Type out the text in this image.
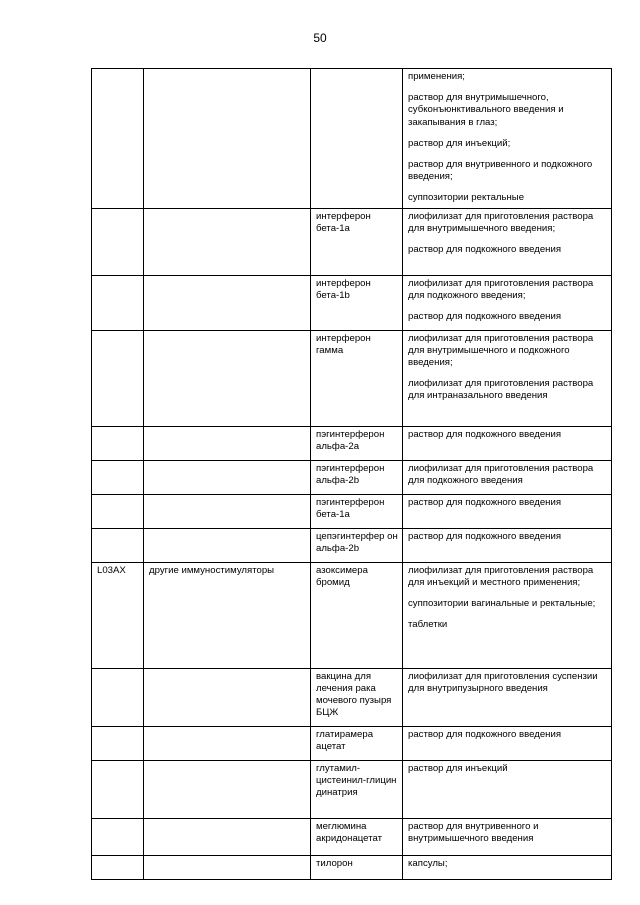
50

			применения;
раствор для внутримышечного, субконъюнктивального введения и закапывания в глаз;
раствор для инъекций;
раствор для внутривенного и подкожного введения;
суппозитории ректальные

		интерферон бета-1a	лиофилизат для приготовления раствора для внутримышечного введения;
раствор для подкожного введения

		интерферон бета-1b	лиофилизат для приготовления раствора для подкожного введения;
раствор для подкожного введения

		интерферон гамма	лиофилизат для приготовления раствора для внутримышечного и подкожного введения;
лиофилизат для приготовления раствора для интраназального введения

		пэгинтерферон альфа-2a	раствор для подкожного введения

		пэгинтерферон альфа-2b	лиофилизат для приготовления раствора для подкожного введения

		пэгинтерферон бета-1a	раствор для подкожного введения

		цепэгинтерфер он альфа-2b	раствор для подкожного введения

L03AX	другие иммуностимуляторы	азоксимера бромид	лиофилизат для приготовления раствора для инъекций и местного применения;
суппозитории вагинальные и ректальные;
таблетки

		вакцина для лечения рака мочевого пузыря БЦЖ	лиофилизат для приготовления суспензии для внутрипузырного введения

		глатирамера ацетат	раствор для подкожного введения

		глутамил-цистеинил-глицин динатрия	раствор для инъекций

		меглюмина акридонацетат	раствор для внутривенного и внутримышечного введения

		тилорон	капсулы;
